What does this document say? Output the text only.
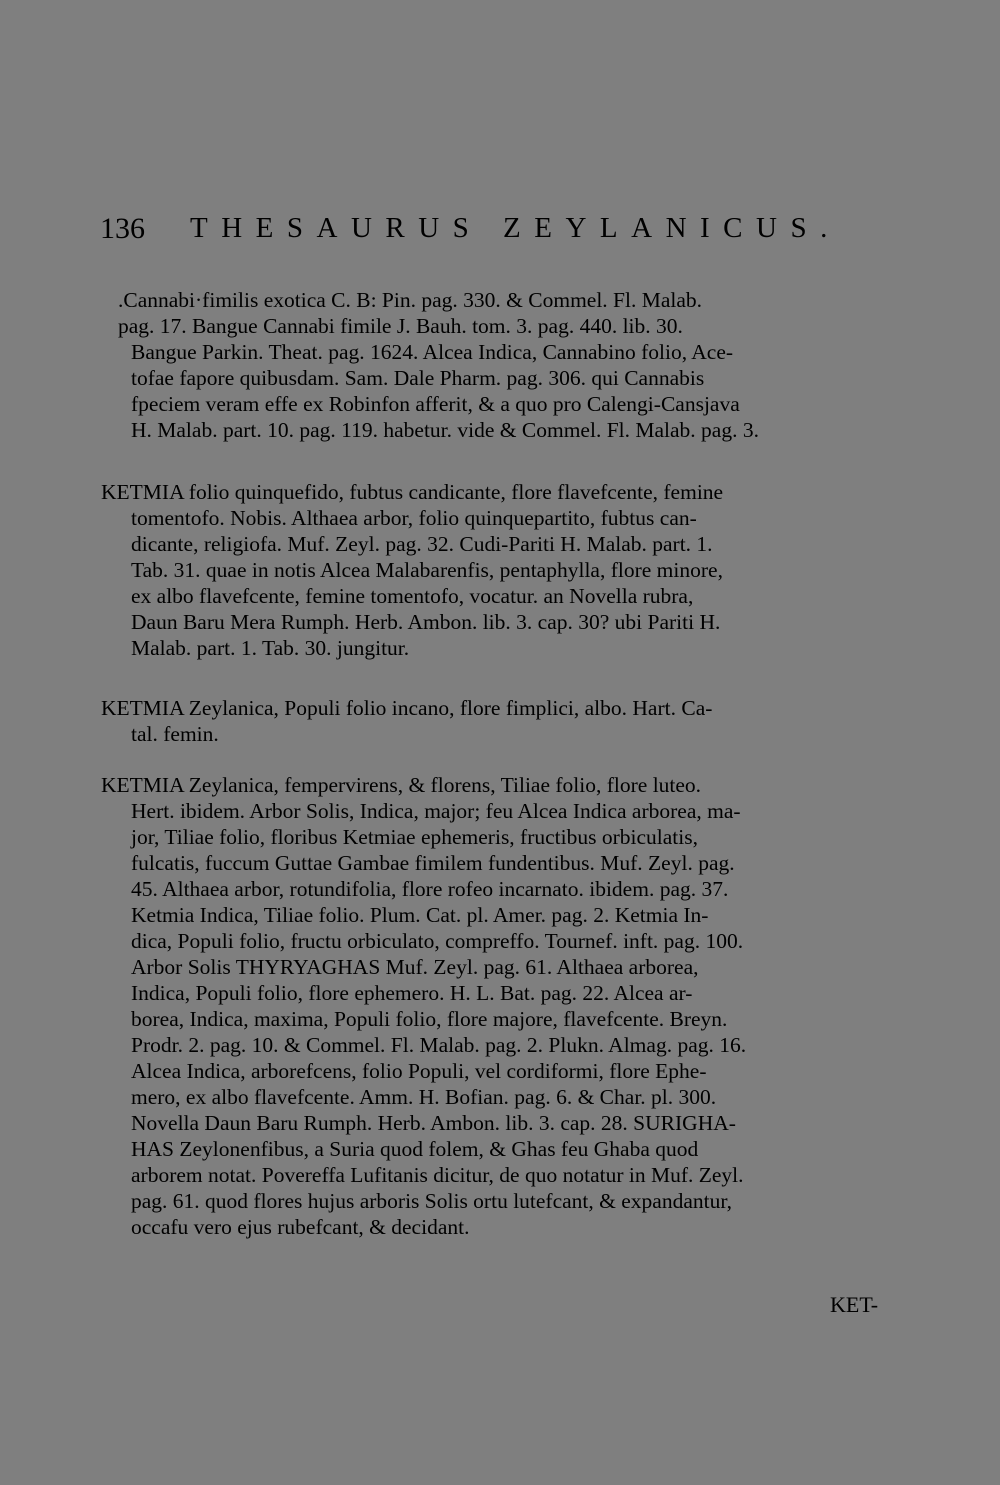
136 THESAURUS ZEYLANICUS.
.Cannabi·fimilis exotica C. B: Pin. pag. 330. & Commel. Fl. Malab.
pag. 17. Bangue Cannabi fimile J. Bauh. tom. 3. pag. 440. lib. 30.
Bangue Parkin. Theat. pag. 1624. Alcea Indica, Cannabino folio, Ace-
tofae fapore quibusdam. Sam. Dale Pharm. pag. 306. qui Cannabis
fpeciem veram effe ex Robinfon afferit, & a quo pro Calengi-Cansjava
H. Malab. part. 10. pag. 119. habetur. vide & Commel. Fl. Malab. pag. 3.
KETMIA folio quinquefido, fubtus candicante, flore flavefcente, femine
tomentofo. Nobis. Althaea arbor, folio quinquepartito, fubtus can-
dicante, religiofa. Muf. Zeyl. pag. 32. Cudi-Pariti H. Malab. part. 1.
Tab. 31. quae in notis Alcea Malabarenfis, pentaphylla, flore minore,
ex albo flavefcente, femine tomentofo, vocatur. an Novella rubra,
Daun Baru Mera Rumph. Herb. Ambon. lib. 3. cap. 30? ubi Pariti H.
Malab. part. 1. Tab. 30. jungitur.
KETMIA Zeylanica, Populi folio incano, flore fimplici, albo. Hart. Ca-
tal. femin.
KETMIA Zeylanica, fempervirens, & florens, Tiliae folio, flore luteo.
Hert. ibidem. Arbor Solis, Indica, major; feu Alcea Indica arborea, ma-
jor, Tiliae folio, floribus Ketmiae ephemeris, fructibus orbiculatis,
fulcatis, fuccum Guttae Gambae fimilem fundentibus. Muf. Zeyl. pag.
45. Althaea arbor, rotundifolia, flore rofeo incarnato. ibidem. pag. 37.
Ketmia Indica, Tiliae folio. Plum. Cat. pl. Amer. pag. 2. Ketmia In-
dica, Populi folio, fructu orbiculato, compreffo. Tournef. inft. pag. 100.
Arbor Solis THYRYAGHAS Muf. Zeyl. pag. 61. Althaea arborea,
Indica, Populi folio, flore ephemero. H. L. Bat. pag. 22. Alcea ar-
borea, Indica, maxima, Populi folio, flore majore, flavefcente. Breyn.
Prodr. 2. pag. 10. & Commel. Fl. Malab. pag. 2. Plukn. Almag. pag. 16.
Alcea Indica, arborefcens, folio Populi, vel cordiformi, flore Ephe-
mero, ex albo flavefcente. Amm. H. Bofian. pag. 6. & Char. pl. 300.
Novella Daun Baru Rumph. Herb. Ambon. lib. 3. cap. 28. SURIGHA-
HAS Zeylonenfibus, a Suria quod folem, & Ghas feu Ghaba quod
arborem notat. Povereffa Lufitanis dicitur, de quo notatur in Muf. Zeyl.
pag. 61. quod flores hujus arboris Solis ortu lutefcant, & expandantur,
occafu vero ejus rubefcant, & decidant.
KET-
